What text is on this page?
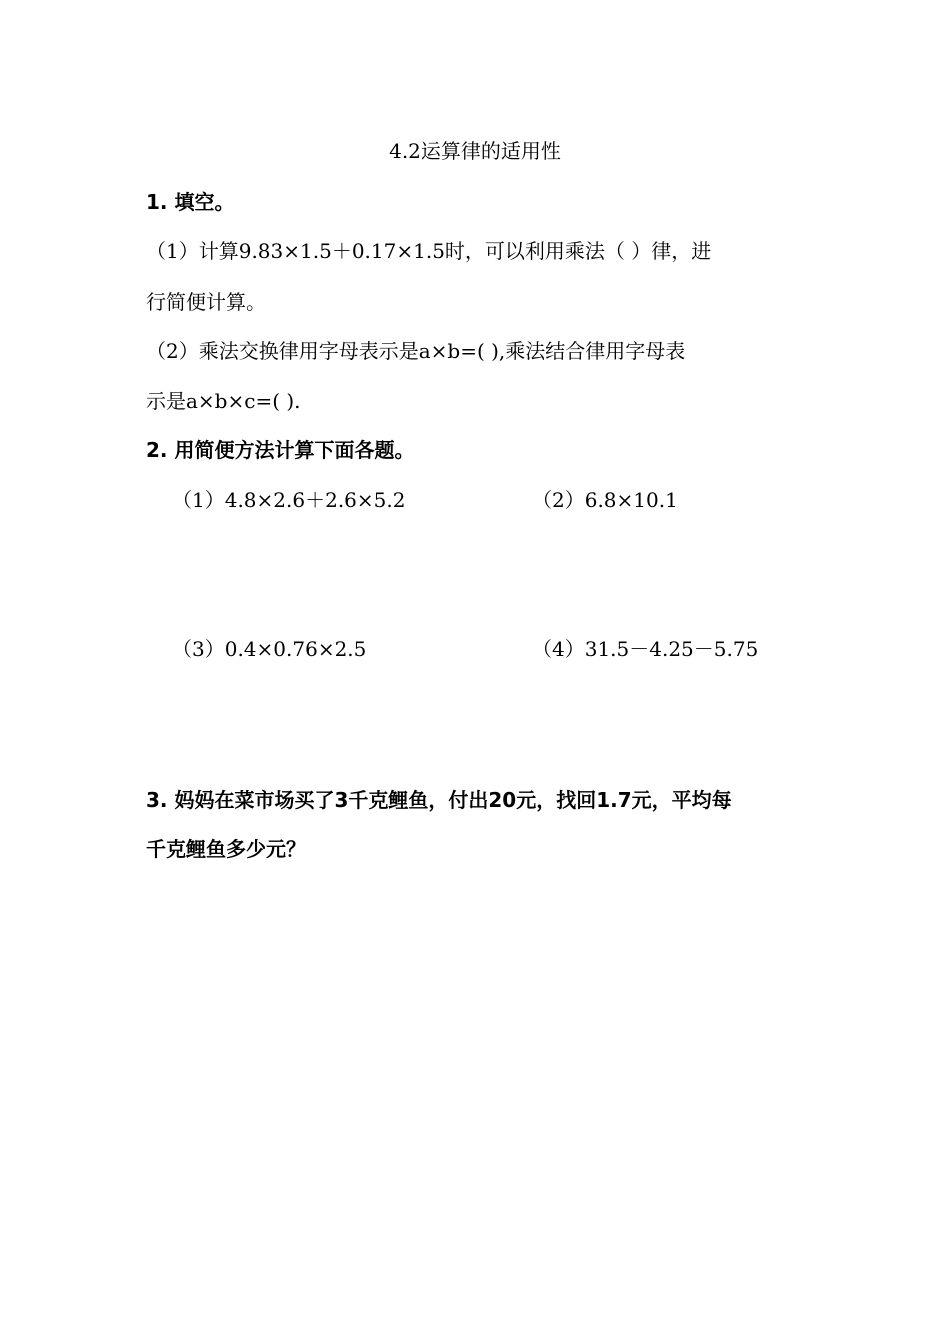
4.2运算律的适用性
1. 填空。
（1）计算9.83×1.5＋0.17×1.5时，可以利用乘法（ ）律，进
行简便计算。
（2）乘法交换律用字母表示是a×b=( ),乘法结合律用字母表
示是a×b×c=( ).
2. 用简便方法计算下面各题。
（1）4.8×2.6＋2.6×5.2	（2）6.8×10.1
（3）0.4×0.76×2.5	（4）31.5－4.25－5.75
3. 妈妈在菜市场买了3千克鲤鱼，付出20元，找回1.7元，平均每
千克鲤鱼多少元？
